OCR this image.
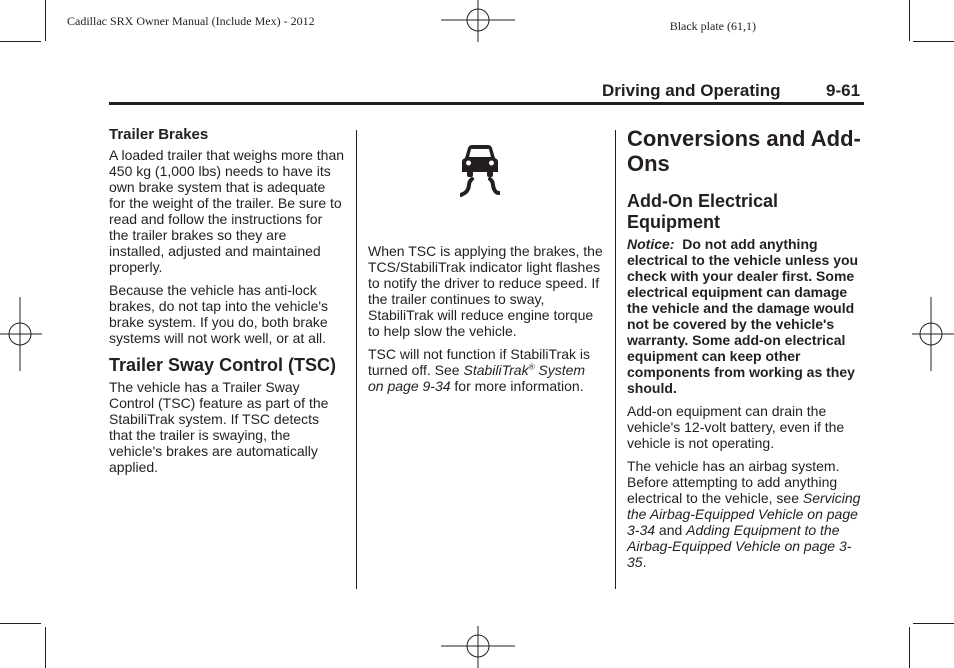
Cadillac SRX Owner Manual (Include Mex) - 2012	Black plate (61,1)
Driving and Operating	9-61
Trailer Brakes

A loaded trailer that weighs more than 450 kg (1,000 lbs) needs to have its own brake system that is adequate for the weight of the trailer. Be sure to read and follow the instructions for the trailer brakes so they are installed, adjusted and maintained properly.

Because the vehicle has anti-lock brakes, do not tap into the vehicle's brake system. If you do, both brake systems will not work well, or at all.

Trailer Sway Control (TSC)

The vehicle has a Trailer Sway Control (TSC) feature as part of the StabiliTrak system. If TSC detects that the trailer is swaying, the vehicle's brakes are automatically applied.

When TSC is applying the brakes, the TCS/StabiliTrak indicator light flashes to notify the driver to reduce speed. If the trailer continues to sway, StabiliTrak will reduce engine torque to help slow the vehicle.

TSC will not function if StabiliTrak is turned off. See StabiliTrak® System on page 9-34 for more information.

Conversions and Add-Ons
Add-On Electrical Equipment

Notice: Do not add anything electrical to the vehicle unless you check with your dealer first. Some electrical equipment can damage the vehicle and the damage would not be covered by the vehicle's warranty. Some add-on electrical equipment can keep other components from working as they should.

Add-on equipment can drain the vehicle's 12-volt battery, even if the vehicle is not operating.

The vehicle has an airbag system. Before attempting to add anything electrical to the vehicle, see Servicing the Airbag-Equipped Vehicle on page 3-34 and Adding Equipment to the Airbag-Equipped Vehicle on page 3-35.
